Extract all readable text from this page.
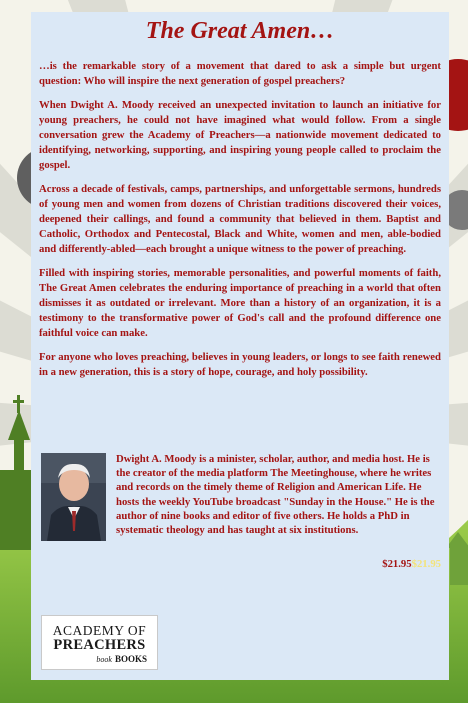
The Great Amen…

…is the remarkable story of a movement that dared to ask a simple but urgent question: Who will inspire the next generation of gospel preachers?

When Dwight A. Moody received an unexpected invitation to launch an initiative for young preachers, he could not have imagined what would follow. From a single conversation grew the Academy of Preachers—a nationwide movement dedicated to identifying, networking, supporting, and inspiring young people called to proclaim the gospel.

Across a decade of festivals, camps, partnerships, and unforgettable sermons, hundreds of young men and women from dozens of Christian traditions discovered their voices, deepened their callings, and found a community that believed in them. Baptist and Catholic, Orthodox and Pentecostal, Black and White, women and men, able-bodied and differently-abled—each brought a unique witness to the power of preaching.

Filled with inspiring stories, memorable personalities, and powerful moments of faith, The Great Amen celebrates the enduring importance of preaching in a world that often dismisses it as outdated or irrelevant. More than a history of an organization, it is a testimony to the transformative power of God's call and the profound difference one faithful voice can make.

For anyone who loves preaching, believes in young leaders, or longs to see faith renewed in a new generation, this is a story of hope, courage, and holy possibility.

Dwight A. Moody is a minister, scholar, author, and media host. He is the creator of the media platform The Meetinghouse, where he writes and records on the timely theme of Religion and American Life. He hosts the weekly YouTube broadcast "Sunday in the House." He is the author of nine books and editor of five others. He holds a PhD in systematic theology and has taught at six institutions.

$21.95$21.95
ACADEMY OF
PREACHERS
book BOOKS
